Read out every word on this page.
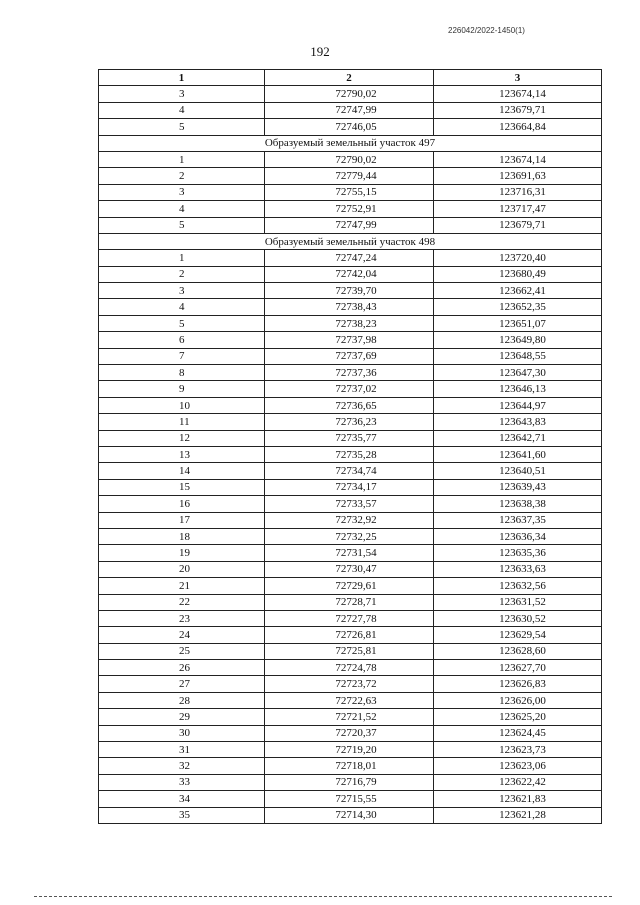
226042/2022-1450(1)
192
1	2	3
3	72790,02	123674,14
4	72747,99	123679,71
5	72746,05	123664,84
Образуемый земельный участок 497		
1	72790,02	123674,14
2	72779,44	123691,63
3	72755,15	123716,31
4	72752,91	123717,47
5	72747,99	123679,71
Образуемый земельный участок 498		
1	72747,24	123720,40
2	72742,04	123680,49
3	72739,70	123662,41
4	72738,43	123652,35
5	72738,23	123651,07
6	72737,98	123649,80
7	72737,69	123648,55
8	72737,36	123647,30
9	72737,02	123646,13
10	72736,65	123644,97
11	72736,23	123643,83
12	72735,77	123642,71
13	72735,28	123641,60
14	72734,74	123640,51
15	72734,17	123639,43
16	72733,57	123638,38
17	72732,92	123637,35
18	72732,25	123636,34
19	72731,54	123635,36
20	72730,47	123633,63
21	72729,61	123632,56
22	72728,71	123631,52
23	72727,78	123630,52
24	72726,81	123629,54
25	72725,81	123628,60
26	72724,78	123627,70
27	72723,72	123626,83
28	72722,63	123626,00
29	72721,52	123625,20
30	72720,37	123624,45
31	72719,20	123623,73
32	72718,01	123623,06
33	72716,79	123622,42
34	72715,55	123621,83
35	72714,30	123621,28
